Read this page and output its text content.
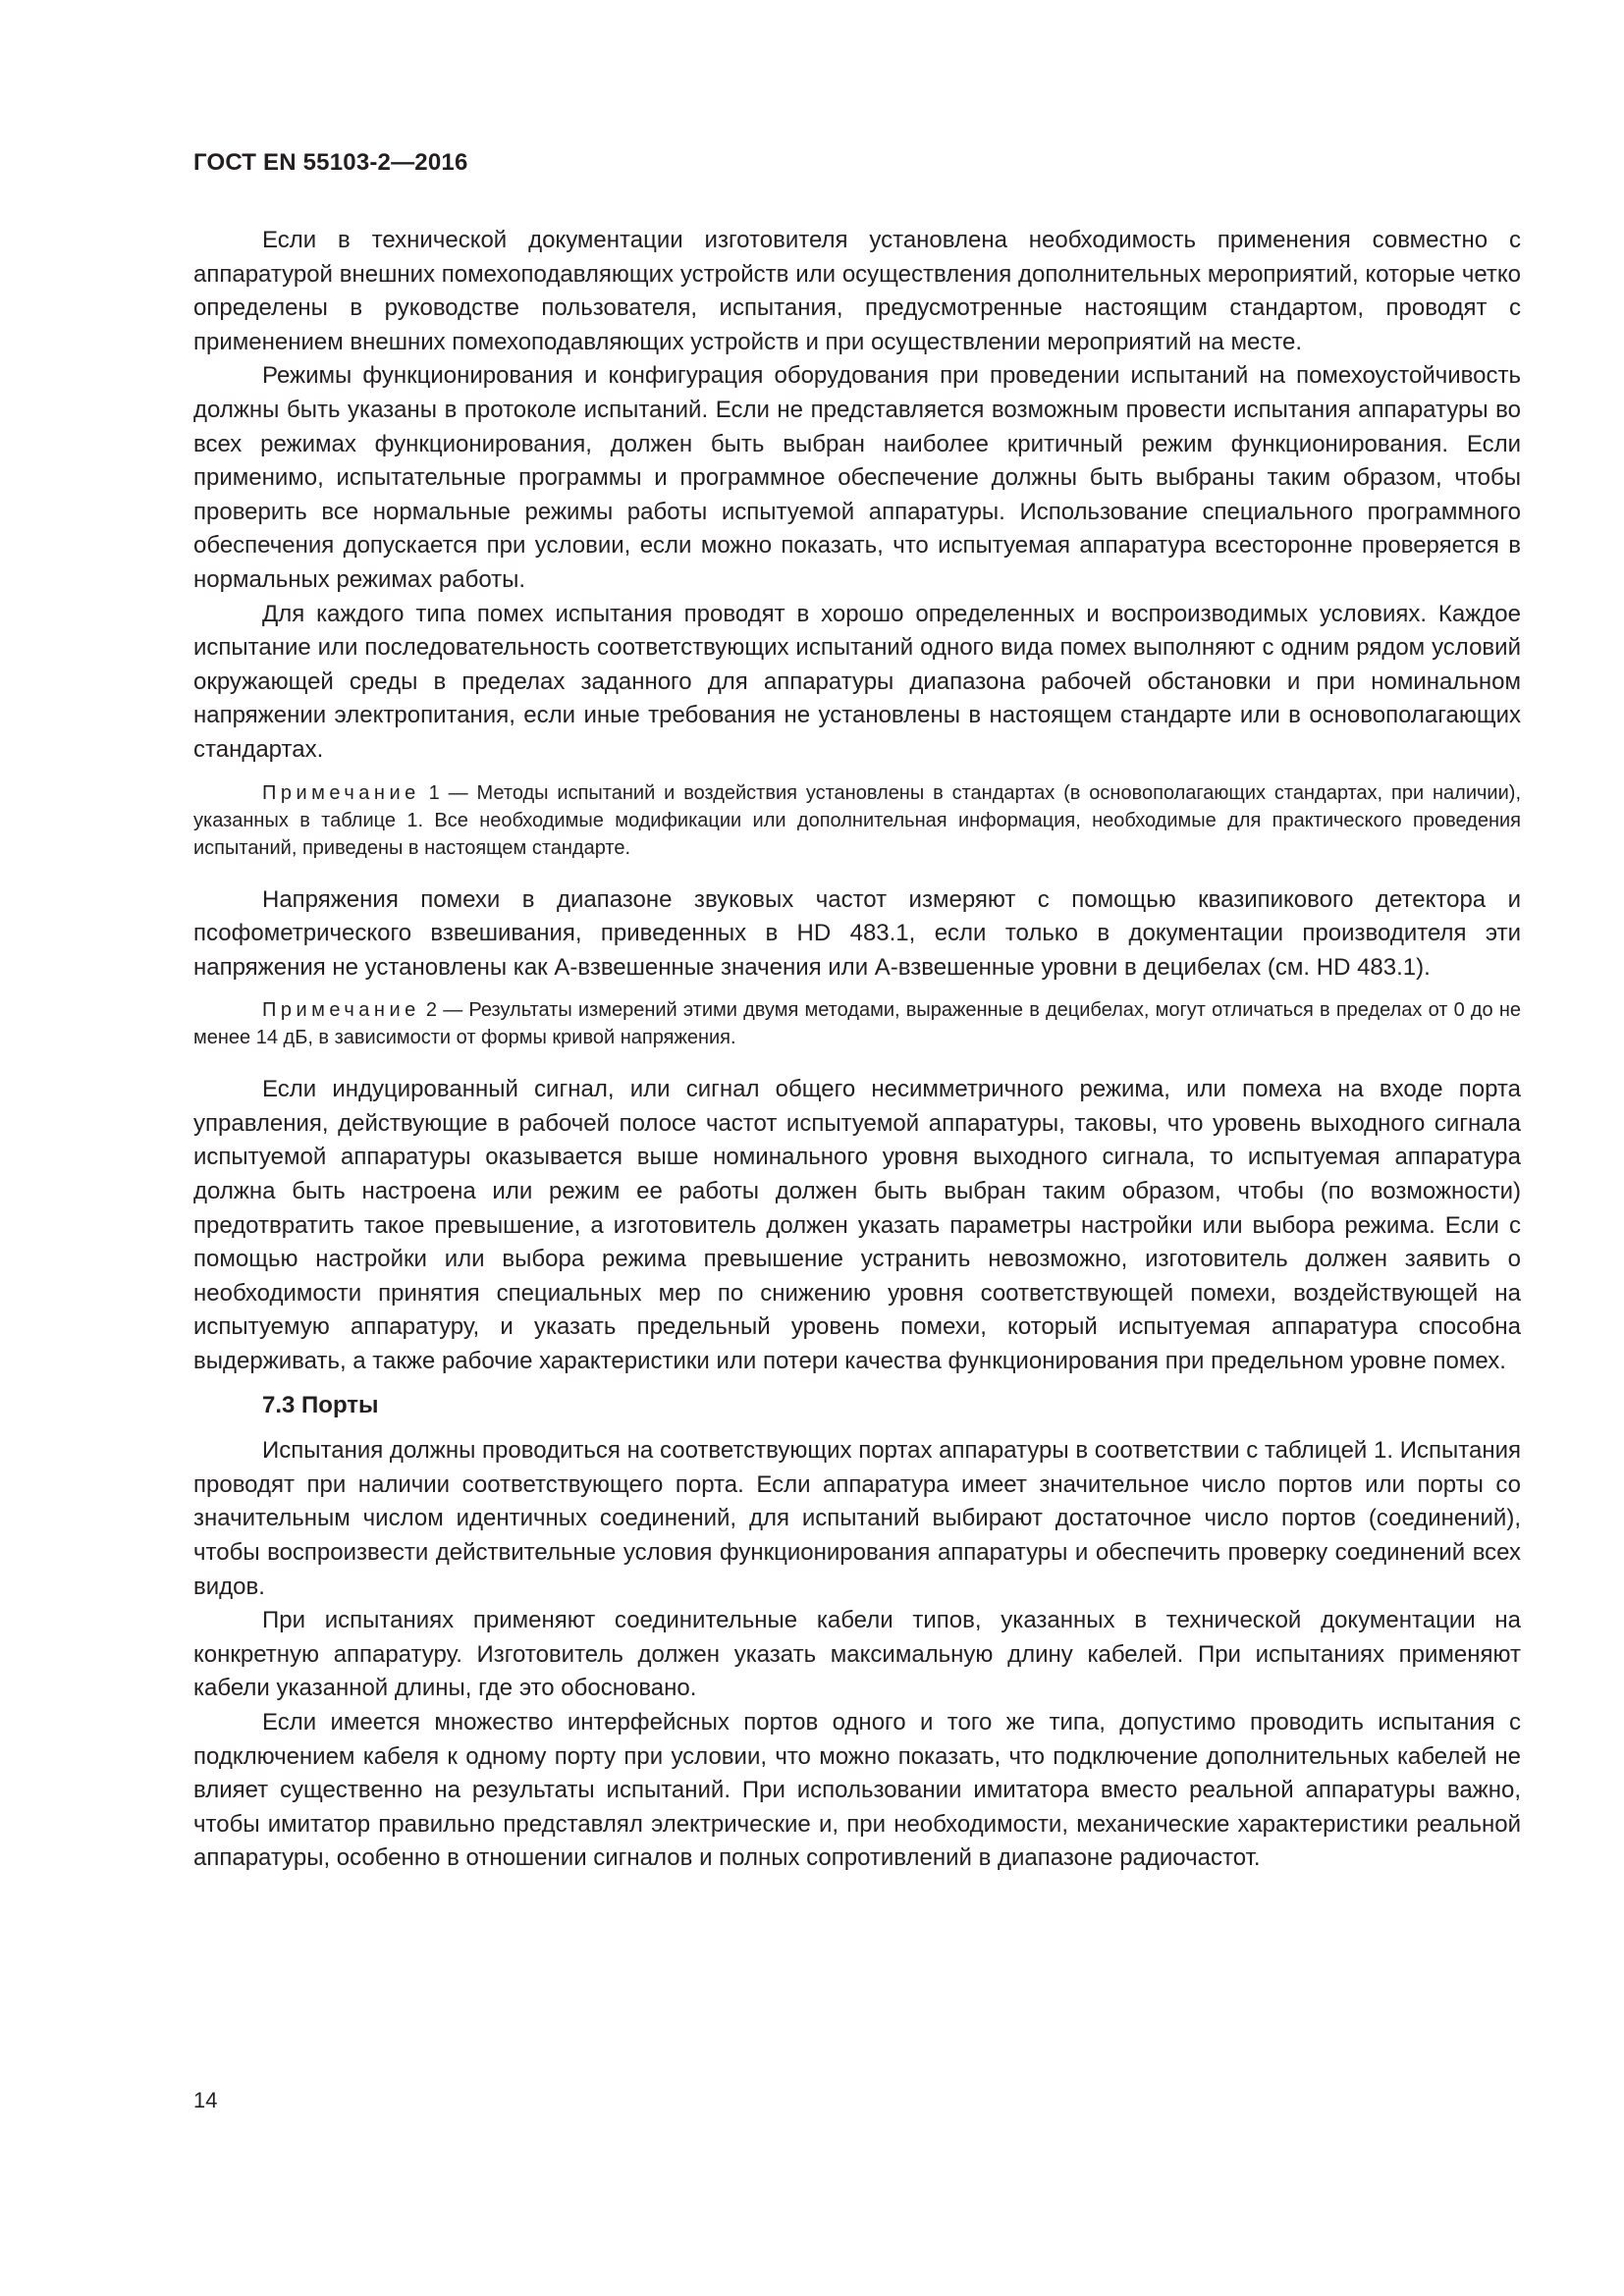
ГОСТ EN 55103-2—2016

Если в технической документации изготовителя установлена необходимость применения совместно с аппаратурой внешних помехоподавляющих устройств или осуществления дополнительных мероприятий, которые четко определены в руководстве пользователя, испытания, предусмотренные настоящим стандартом, проводят с применением внешних помехоподавляющих устройств и при осуществлении мероприятий на месте.

Режимы функционирования и конфигурация оборудования при проведении испытаний на помехоустойчивость должны быть указаны в протоколе испытаний. Если не представляется возможным провести испытания аппаратуры во всех режимах функционирования, должен быть выбран наиболее критичный режим функционирования. Если применимо, испытательные программы и программное обеспечение должны быть выбраны таким образом, чтобы проверить все нормальные режимы работы испытуемой аппаратуры. Использование специального программного обеспечения допускается при условии, если можно показать, что испытуемая аппаратура всесторонне проверяется в нормальных режимах работы.

Для каждого типа помех испытания проводят в хорошо определенных и воспроизводимых условиях. Каждое испытание или последовательность соответствующих испытаний одного вида помех выполняют с одним рядом условий окружающей среды в пределах заданного для аппаратуры диапазона рабочей обстановки и при номинальном напряжении электропитания, если иные требования не установлены в настоящем стандарте или в основополагающих стандартах.

Примечание 1 — Методы испытаний и воздействия установлены в стандартах (в основополагающих стандартах, при наличии), указанных в таблице 1. Все необходимые модификации или дополнительная информация, необходимые для практического проведения испытаний, приведены в настоящем стандарте.

Напряжения помехи в диапазоне звуковых частот измеряют с помощью квазипикового детектора и псофометрического взвешивания, приведенных в HD 483.1, если только в документации производителя эти напряжения не установлены как А-взвешенные значения или А-взвешенные уровни в децибелах (см. HD 483.1).

Примечание 2 — Результаты измерений этими двумя методами, выраженные в децибелах, могут отличаться в пределах от 0 до не менее 14 дБ, в зависимости от формы кривой напряжения.

Если индуцированный сигнал, или сигнал общего несимметричного режима, или помеха на входе порта управления, действующие в рабочей полосе частот испытуемой аппаратуры, таковы, что уровень выходного сигнала испытуемой аппаратуры оказывается выше номинального уровня выходного сигнала, то испытуемая аппаратура должна быть настроена или режим ее работы должен быть выбран таким образом, чтобы (по возможности) предотвратить такое превышение, а изготовитель должен указать параметры настройки или выбора режима. Если с помощью настройки или выбора режима превышение устранить невозможно, изготовитель должен заявить о необходимости принятия специальных мер по снижению уровня соответствующей помехи, воздействующей на испытуемую аппаратуру, и указать предельный уровень помехи, который испытуемая аппаратура способна выдерживать, а также рабочие характеристики или потери качества функционирования при предельном уровне помех.

7.3 Порты

Испытания должны проводиться на соответствующих портах аппаратуры в соответствии с таблицей 1. Испытания проводят при наличии соответствующего порта. Если аппаратура имеет значительное число портов или порты со значительным числом идентичных соединений, для испытаний выбирают достаточное число портов (соединений), чтобы воспроизвести действительные условия функционирования аппаратуры и обеспечить проверку соединений всех видов.

При испытаниях применяют соединительные кабели типов, указанных в технической документации на конкретную аппаратуру. Изготовитель должен указать максимальную длину кабелей. При испытаниях применяют кабели указанной длины, где это обосновано.

Если имеется множество интерфейсных портов одного и того же типа, допустимо проводить испытания с подключением кабеля к одному порту при условии, что можно показать, что подключение дополнительных кабелей не влияет существенно на результаты испытаний. При использовании имитатора вместо реальной аппаратуры важно, чтобы имитатор правильно представлял электрические и, при необходимости, механические характеристики реальной аппаратуры, особенно в отношении сигналов и полных сопротивлений в диапазоне радиочастот.

14
